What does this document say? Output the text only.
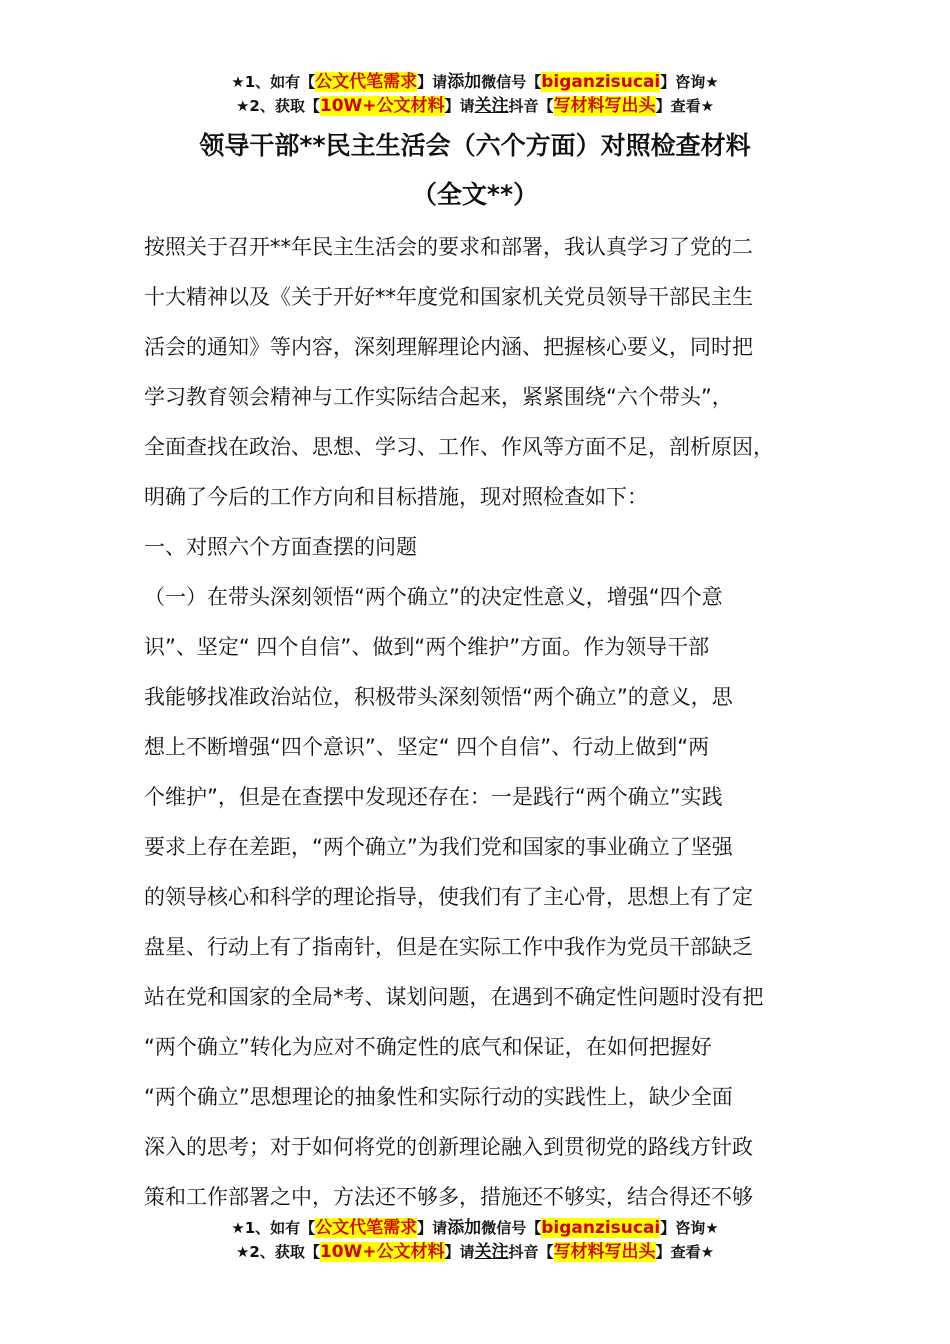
★1、如有【公文代笔需求】请添加微信号【biganzisucai】咨询★
★2、获取【10W+公文材料】请关注抖音【写材料写出头】查看★
领导干部**民主生活会（六个方面）对照检查材料
（全文**）
按照关于召开**年民主生活会的要求和部署，我认真学习了党的二
十大精神以及《关于开好**年度党和国家机关党员领导干部民主生
活会的通知》等内容，深刻理解理论内涵、把握核心要义，同时把
学习教育领会精神与工作实际结合起来，紧紧围绕“六个带头”，
全面查找在政治、思想、学习、工作、作风等方面不足，剖析原因，
明确了今后的工作方向和目标措施，现对照检查如下：
一、对照六个方面查摆的问题
（一）在带头深刻领悟“两个确立”的决定性意义，增强“四个意
识”、坚定“ 四个自信”、做到“两个维护”方面。作为领导干部
我能够找准政治站位，积极带头深刻领悟“两个确立”的意义，思
想上不断增强“四个意识”、坚定“ 四个自信”、行动上做到“两
个维护”，但是在查摆中发现还存在：一是践行“两个确立”实践
要求上存在差距，“两个确立”为我们党和国家的事业确立了坚强
的领导核心和科学的理论指导，使我们有了主心骨，思想上有了定
盘星、行动上有了指南针，但是在实际工作中我作为党员干部缺乏
站在党和国家的全局*考、谋划问题，在遇到不确定性问题时没有把
“两个确立”转化为应对不确定性的底气和保证，在如何把握好
“两个确立”思想理论的抽象性和实际行动的实践性上，缺少全面
深入的思考；对于如何将党的创新理论融入到贯彻党的路线方针政
策和工作部署之中，方法还不够多，措施还不够实，结合得还不够
★1、如有【公文代笔需求】请添加微信号【biganzisucai】咨询★
★2、获取【10W+公文材料】请关注抖音【写材料写出头】查看★
